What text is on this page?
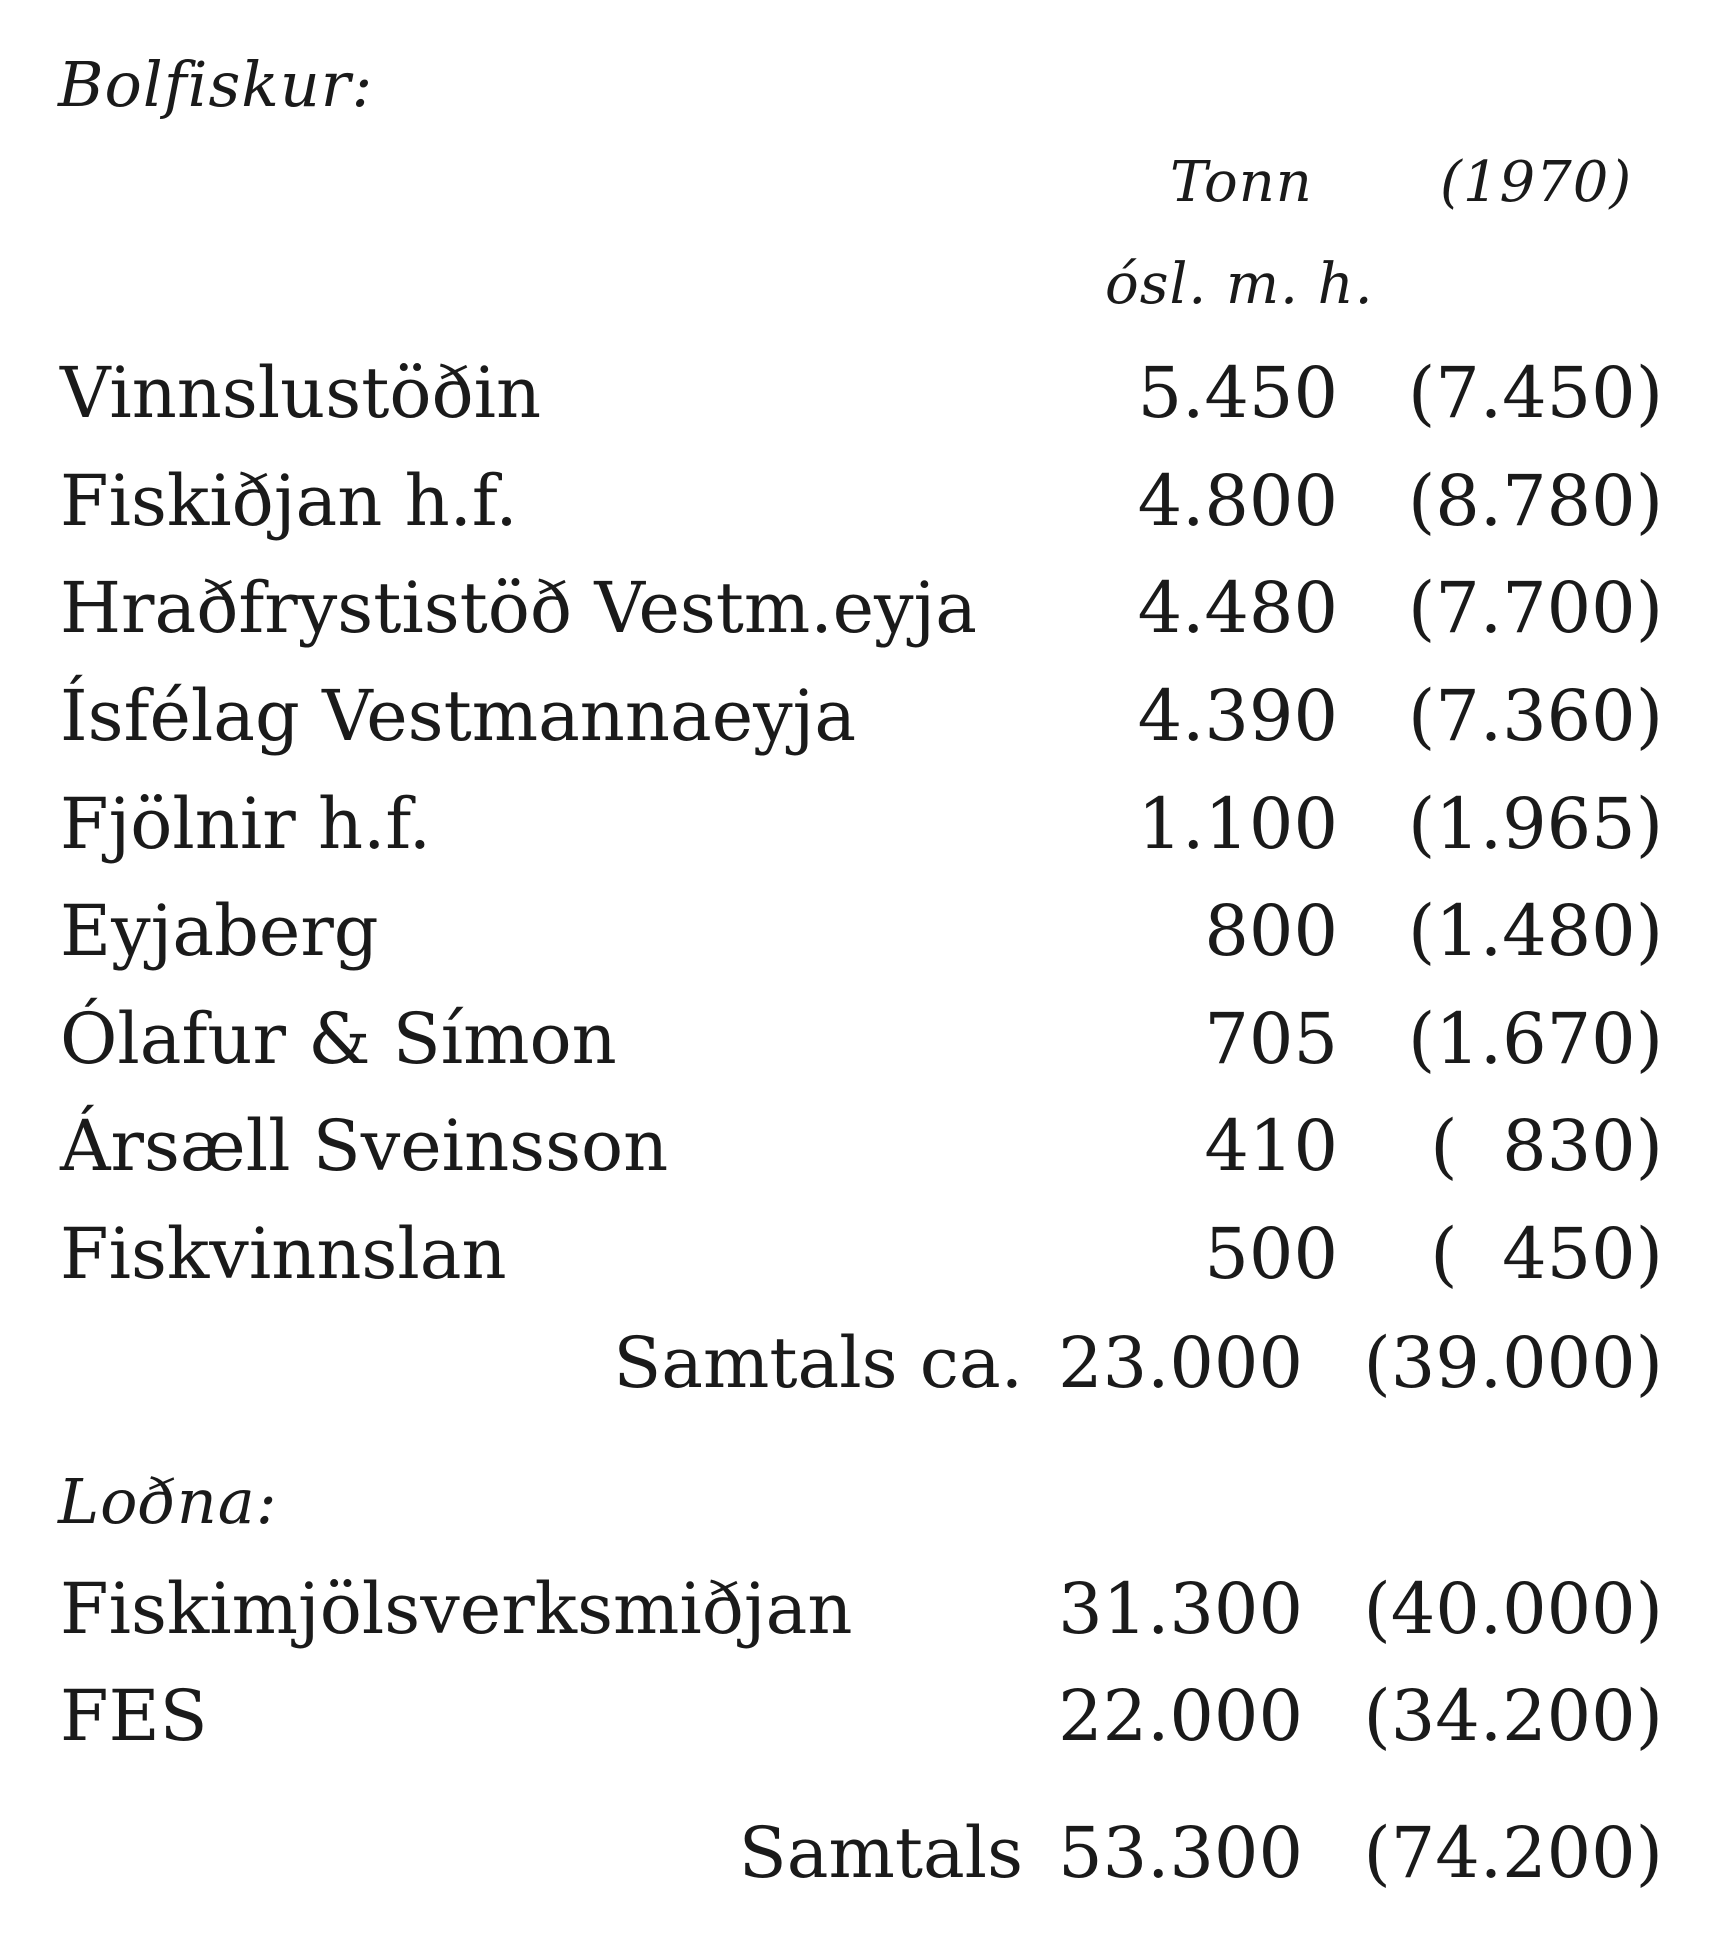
Bolfiskur:
Tonn (1970)
ósl. m. h.
Vinnslustöðin	5.450 (7.450)
Fiskiðjan h.f.	4.800 (8.780)
Hraðfrystistöð Vestm.eyja 4.480 (7.700)
Ísfélag Vestmannaeyja	4.390 (7.360)
Fjölnir h.f.	1.100 (1.965)
Eyjaberg	800 (1.480)
Ólafur & Símon	705 (1.670)
Ársæll Sveinsson	410 (  830)
Fiskvinnslan	500 (  450)
Samtals ca. 23.000 (39.000)
Loðna:
Fiskimjölsverksmiðjan	31.300 (40.000)
FES	22.000 (34.200)
Samtals 53.300 (74.200)
